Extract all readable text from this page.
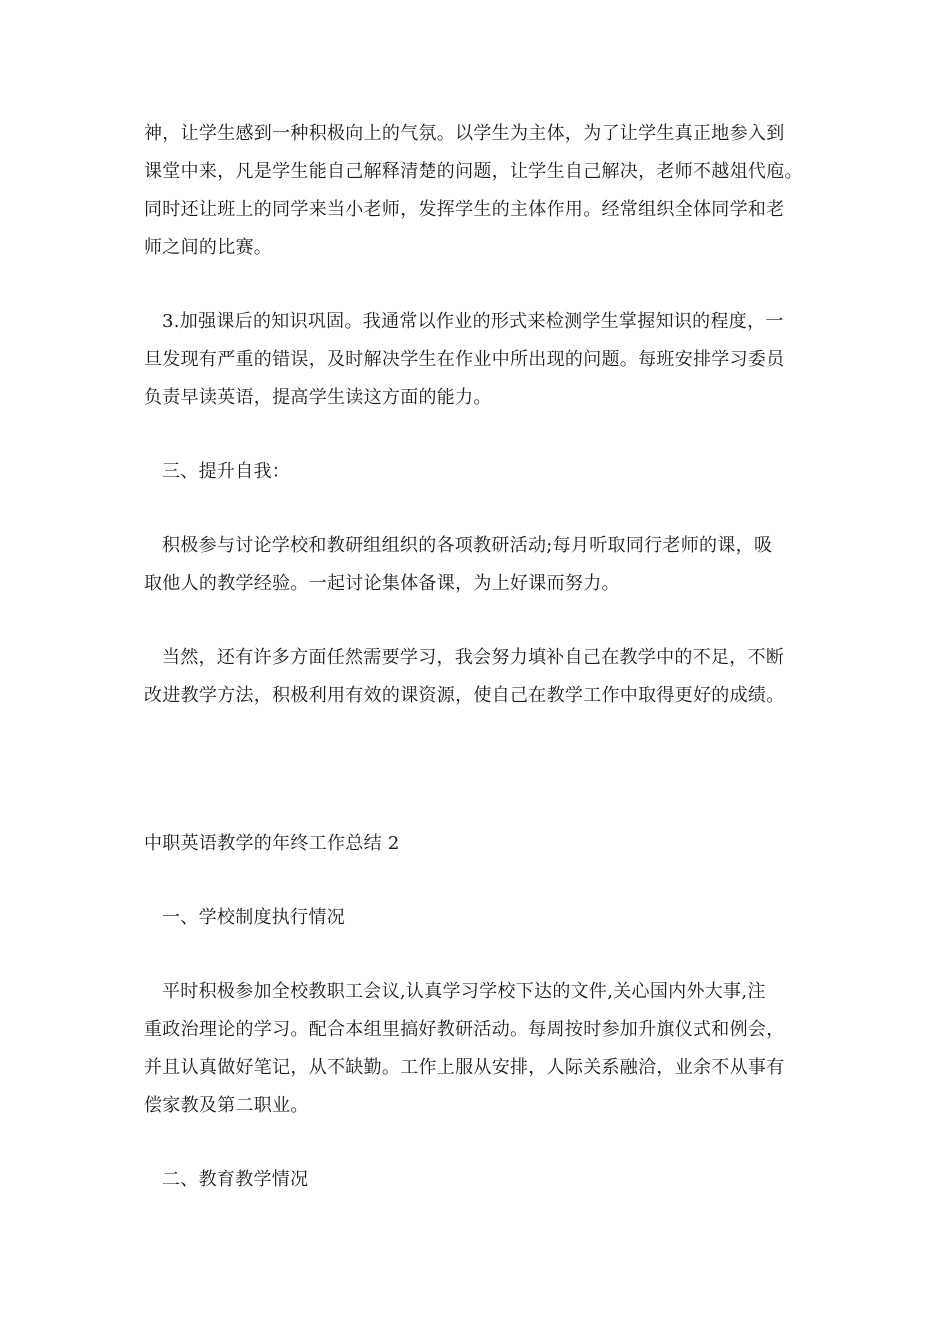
神，让学生感到一种积极向上的气氛。以学生为主体，为了让学生真正地参入到
课堂中来，凡是学生能自己解释清楚的问题，让学生自己解决，老师不越俎代庖。
同时还让班上的同学来当小老师，发挥学生的主体作用。经常组织全体同学和老
师之间的比赛。
3.加强课后的知识巩固。我通常以作业的形式来检测学生掌握知识的程度，一
旦发现有严重的错误，及时解决学生在作业中所出现的问题。每班安排学习委员
负责早读英语，提高学生读这方面的能力。
三、提升自我：
积极参与讨论学校和教研组组织的各项教研活动;每月听取同行老师的课，吸
取他人的教学经验。一起讨论集体备课，为上好课而努力。
当然，还有许多方面任然需要学习，我会努力填补自己在教学中的不足，不断
改进教学方法，积极利用有效的课资源，使自己在教学工作中取得更好的成绩。
中职英语教学的年终工作总结 2
一、学校制度执行情况
平时积极参加全校教职工会议,认真学习学校下达的文件,关心国内外大事,注
重政治理论的学习。配合本组里搞好教研活动。每周按时参加升旗仪式和例会，
并且认真做好笔记，从不缺勤。工作上服从安排，人际关系融洽，业余不从事有
偿家教及第二职业。
二、教育教学情况
